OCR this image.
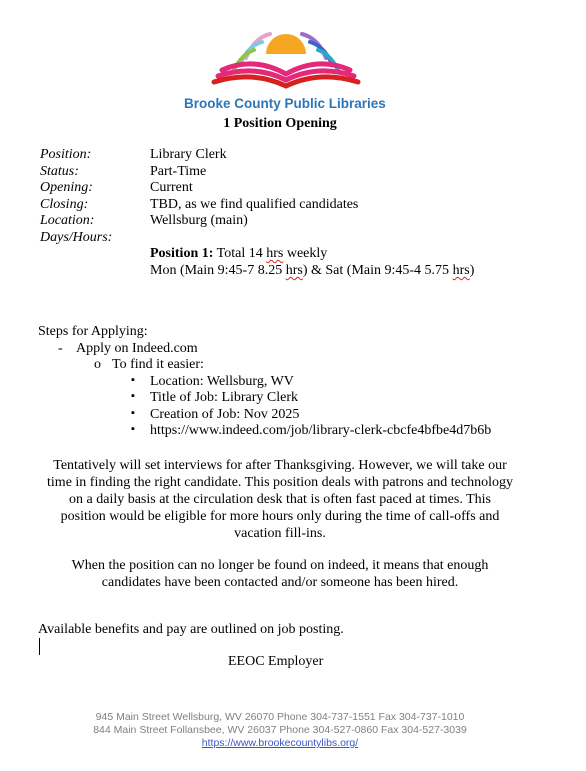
Brooke County Public Libraries
1 Position Opening
Position:	Library Clerk
Status:	Part-Time
Opening:	Current
Closing:	TBD, as we find qualified candidates
Location:	Wellsburg (main)
Days/Hours:
Position 1: Total 14 hrs weekly
Mon (Main 9:45-7 8.25 hrs) & Sat (Main 9:45-4 5.75 hrs)
Steps for Applying:
- Apply on Indeed.com
o To find it easier:
▪ Location: Wellsburg, WV
▪ Title of Job: Library Clerk
▪ Creation of Job: Nov 2025
▪ https://www.indeed.com/job/library-clerk-cbcfe4bfbe4d7b6b
Tentatively will set interviews for after Thanksgiving. However, we will take our
time in finding the right candidate. This position deals with patrons and technology
on a daily basis at the circulation desk that is often fast paced at times. This
position would be eligible for more hours only during the time of call-offs and
vacation fill-ins.
When the position can no longer be found on indeed, it means that enough
candidates have been contacted and/or someone has been hired.
Available benefits and pay are outlined on job posting.
EEOC Employer
945 Main Street Wellsburg, WV 26070 Phone 304-737-1551 Fax 304-737-1010
844 Main Street Follansbee, WV 26037 Phone 304-527-0860 Fax 304-527-3039
https://www.brookecountylibs.org/
